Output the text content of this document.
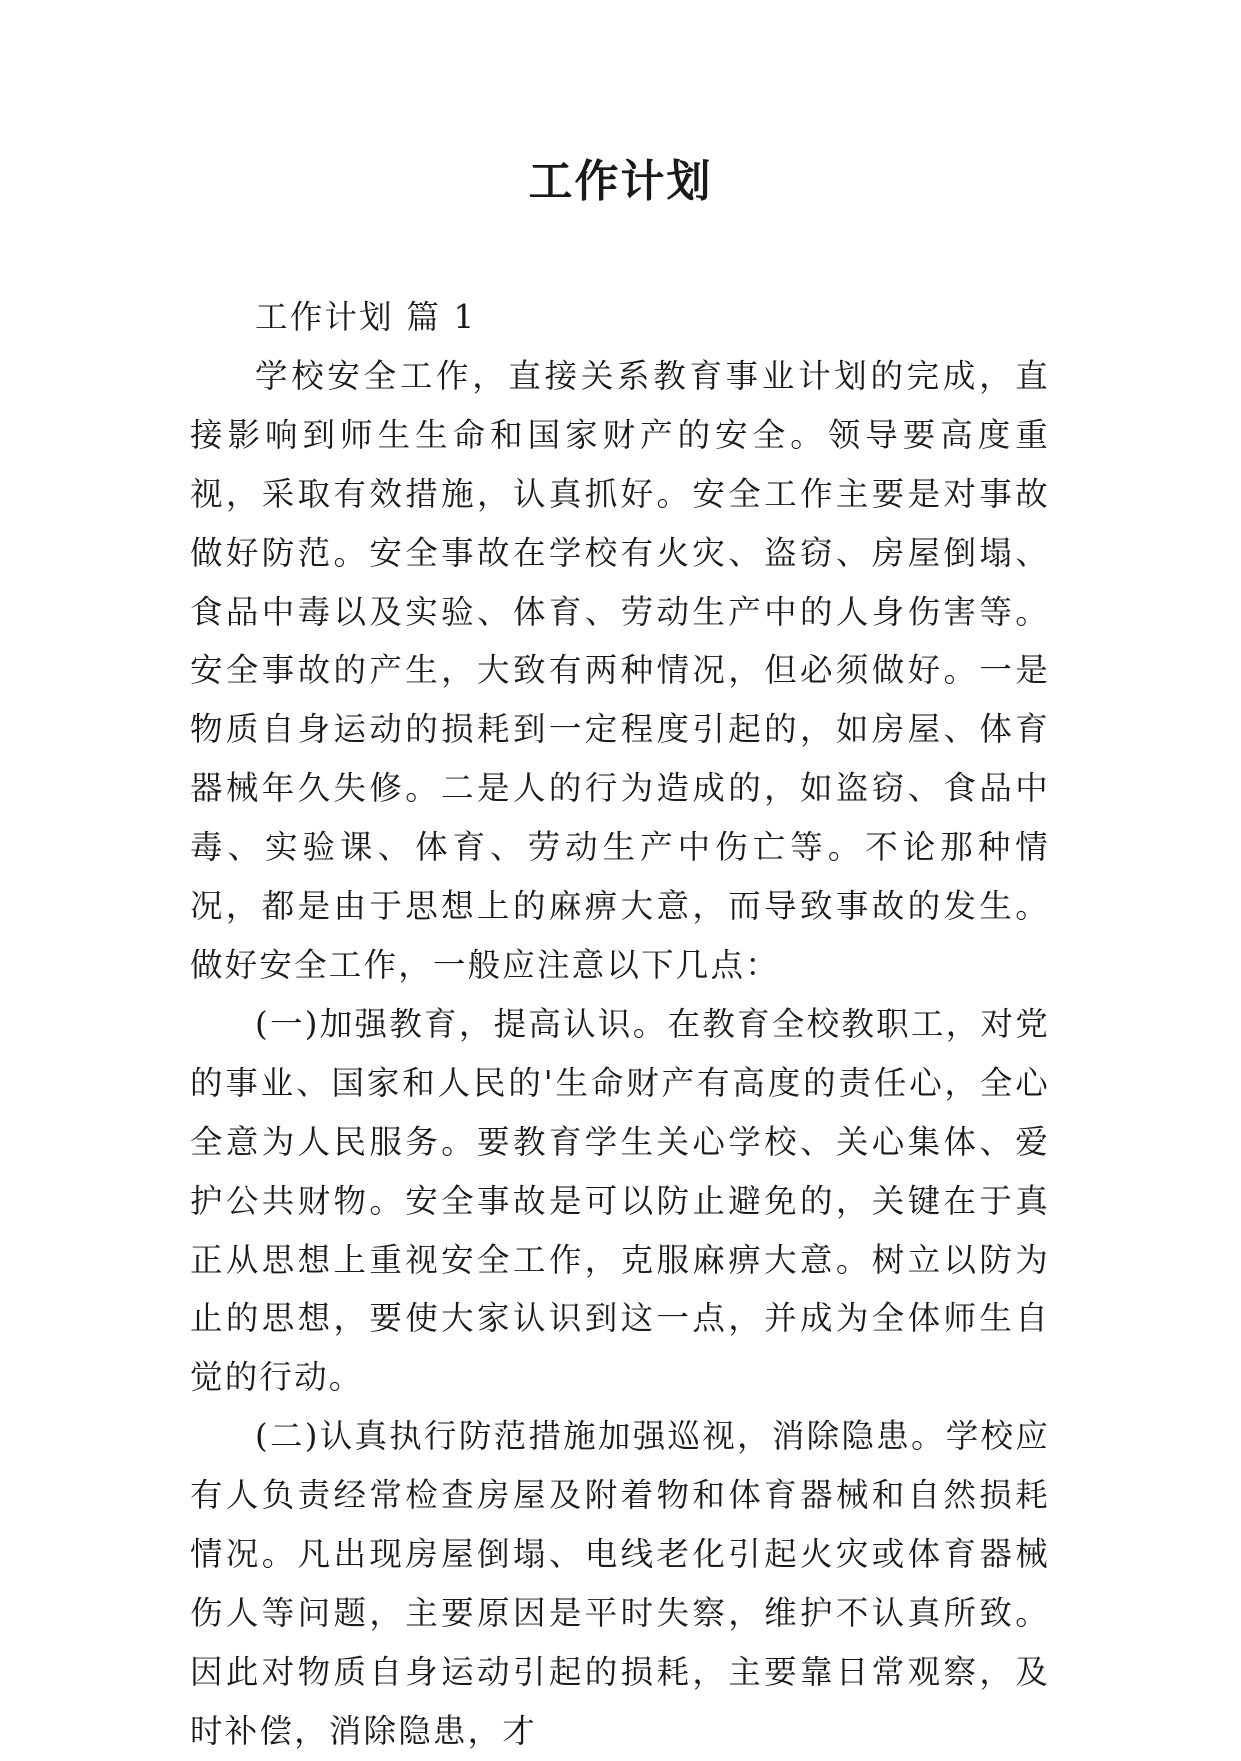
工作计划

工作计划 篇 1

学校安全工作，直接关系教育事业计划的完成，直接影响到师生生命和国家财产的安全。领导要高度重视，采取有效措施，认真抓好。安全工作主要是对事故做好防范。安全事故在学校有火灾、盗窃、房屋倒塌、食品中毒以及实验、体育、劳动生产中的人身伤害等。安全事故的产生，大致有两种情况，但必须做好。一是物质自身运动的损耗到一定程度引起的，如房屋、体育器械年久失修。二是人的行为造成的，如盗窃、食品中毒、实验课、体育、劳动生产中伤亡等。不论那种情况，都是由于思想上的麻痹大意，而导致事故的发生。做好安全工作，一般应注意以下几点：

(一)加强教育，提高认识。在教育全校教职工，对党的事业、国家和人民的'生命财产有高度的责任心，全心全意为人民服务。要教育学生关心学校、关心集体、爱护公共财物。安全事故是可以防止避免的，关键在于真正从思想上重视安全工作，克服麻痹大意。树立以防为止的思想，要使大家认识到这一点，并成为全体师生自觉的行动。

(二)认真执行防范措施加强巡视，消除隐患。学校应有人负责经常检查房屋及附着物和体育器械和自然损耗情况。凡出现房屋倒塌、电线老化引起火灾或体育器械伤人等问题，主要原因是平时失察，维护不认真所致。因此对物质自身运动引起的损耗，主要靠日常观察，及时补偿，消除隐患，才
